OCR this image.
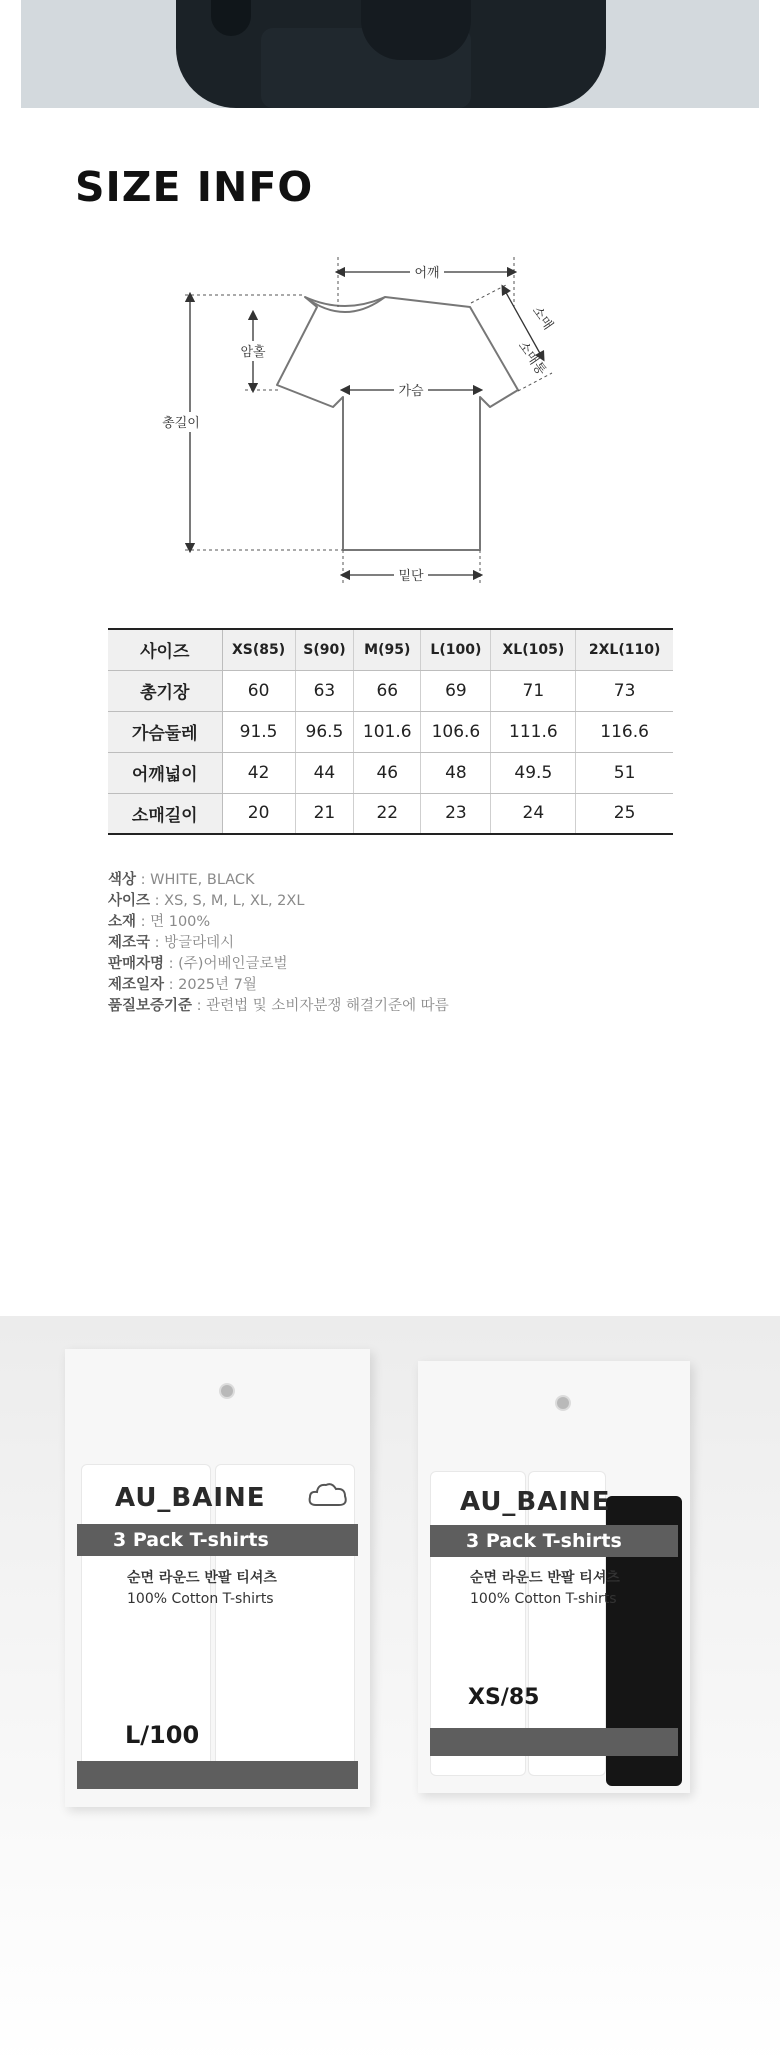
SIZE INFO
어깨
암홀
가슴
총길이
밑단
소매
소매통
사이즈	XS(85)	S(90)	M(95)	L(100)	XL(105)	2XL(110)
총기장	60	63	66	69	71	73
가슴둘레	91.5	96.5	101.6	106.6	111.6	116.6
어깨넓이	42	44	46	48	49.5	51
소매길이	20	21	22	23	24	25
색상 : WHITE, BLACK
사이즈 : XS, S, M, L, XL, 2XL
소재 : 면 100%
제조국 : 방글라데시
판매자명 : (주)어베인글로벌
제조일자 : 2025년 7월
품질보증기준 : 관련법 및 소비자분쟁 해결기준에 따름
AU_BAINE
3 Pack T-shirts
순면 라운드 반팔 티셔츠
100% Cotton T-shirts
L/100
AU_BAINE
3 Pack T-shirts
순면 라운드 반팔 티셔츠
100% Cotton T-shirts
XS/85
